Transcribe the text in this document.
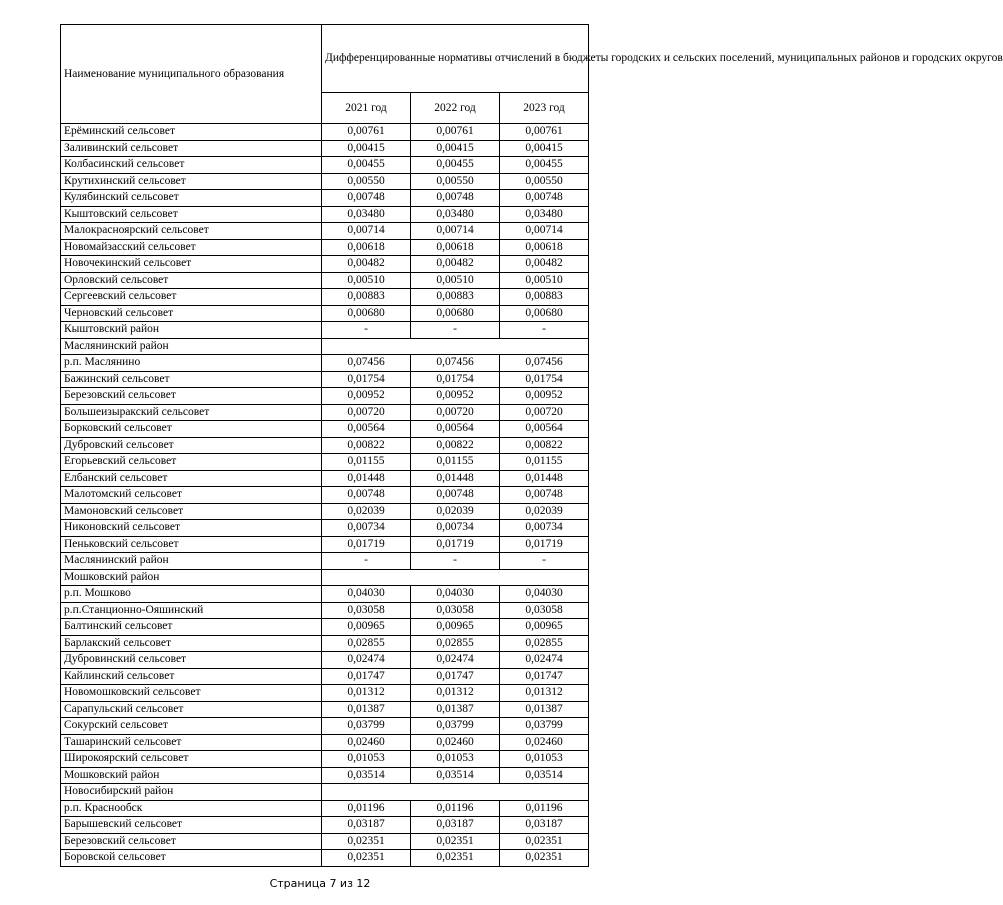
Наименование муниципального образования	Дифференцированные нормативы отчислений в бюджеты городских и сельских поселений, муниципальных районов и городских округов		
	2021 год	2022 год	2023 год
Ерёминский сельсовет	0,00761	0,00761	0,00761
Заливинский сельсовет	0,00415	0,00415	0,00415
Колбасинский сельсовет	0,00455	0,00455	0,00455
Крутихинский сельсовет	0,00550	0,00550	0,00550
Кулябинский сельсовет	0,00748	0,00748	0,00748
Кыштовский сельсовет	0,03480	0,03480	0,03480
Малокрасноярский сельсовет	0,00714	0,00714	0,00714
Новомайзасский сельсовет	0,00618	0,00618	0,00618
Новочекинский сельсовет	0,00482	0,00482	0,00482
Орловский сельсовет	0,00510	0,00510	0,00510
Сергеевский сельсовет	0,00883	0,00883	0,00883
Черновский сельсовет	0,00680	0,00680	0,00680
Кыштовский район	-	-	-
Маслянинский район			
р.п. Маслянино	0,07456	0,07456	0,07456
Бажинский сельсовет	0,01754	0,01754	0,01754
Березовский сельсовет	0,00952	0,00952	0,00952
Большеизыракский сельсовет	0,00720	0,00720	0,00720
Борковский сельсовет	0,00564	0,00564	0,00564
Дубровский сельсовет	0,00822	0,00822	0,00822
Егорьевский сельсовет	0,01155	0,01155	0,01155
Елбанский сельсовет	0,01448	0,01448	0,01448
Малотомский сельсовет	0,00748	0,00748	0,00748
Мамоновский сельсовет	0,02039	0,02039	0,02039
Никоновский сельсовет	0,00734	0,00734	0,00734
Пеньковский сельсовет	0,01719	0,01719	0,01719
Маслянинский район	-	-	-
Мошковский район			
р.п. Мошково	0,04030	0,04030	0,04030
р.п.Станционно-Ояшинский	0,03058	0,03058	0,03058
Балтинский сельсовет	0,00965	0,00965	0,00965
Барлакский сельсовет	0,02855	0,02855	0,02855
Дубровинский сельсовет	0,02474	0,02474	0,02474
Кайлинский сельсовет	0,01747	0,01747	0,01747
Новомошковский сельсовет	0,01312	0,01312	0,01312
Сарапульский сельсовет	0,01387	0,01387	0,01387
Сокурский сельсовет	0,03799	0,03799	0,03799
Ташаринский сельсовет	0,02460	0,02460	0,02460
Широкоярский сельсовет	0,01053	0,01053	0,01053
Мошковский район	0,03514	0,03514	0,03514
Новосибирский район			
р.п. Краснообск	0,01196	0,01196	0,01196
Барышевский сельсовет	0,03187	0,03187	0,03187
Березовский сельсовет	0,02351	0,02351	0,02351
Боровской сельсовет	0,02351	0,02351	0,02351
Страница 7 из 12
